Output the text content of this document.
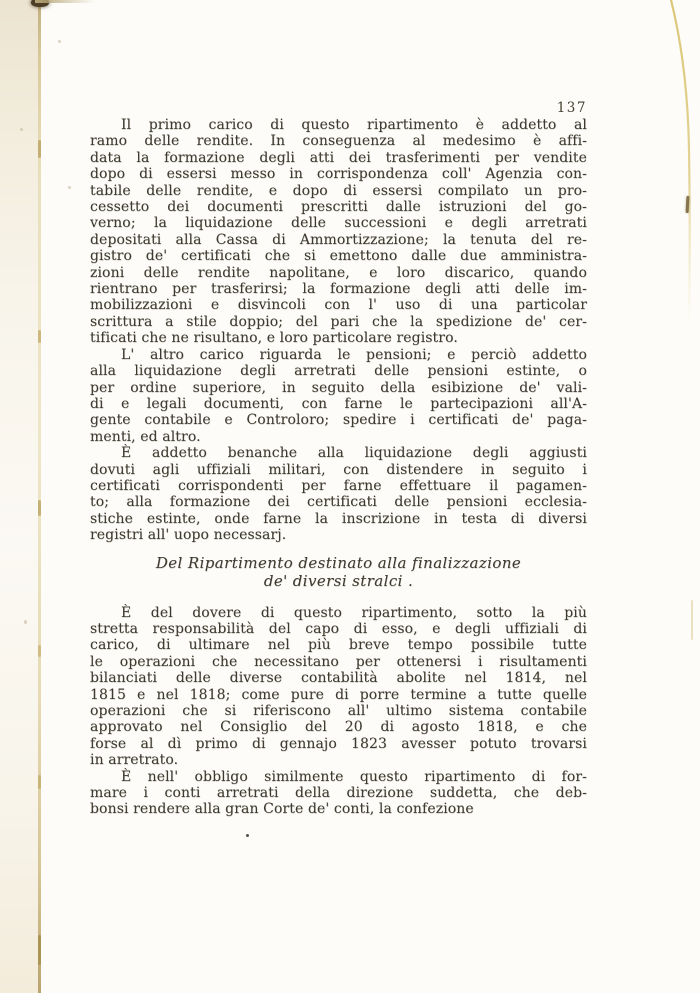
137
Il primo carico di questo ripartimento è addetto al
ramo delle rendite. In conseguenza al medesimo è affi-
data la formazione degli atti dei trasferimenti per vendite
dopo di essersi messo in corrispondenza coll' Agenzia con-
tabile delle rendite, e dopo di essersi compilato un pro-
cessetto dei documenti prescritti dalle istruzioni del go-
verno; la liquidazione delle successioni e degli arretrati
depositati alla Cassa di Ammortizzazione; la tenuta del re-
gistro de' certificati che si emettono dalle due amministra-
zioni delle rendite napolitane, e loro discarico, quando
rientrano per trasferirsi; la formazione degli atti delle im-
mobilizzazioni e disvincoli con l' uso di una particolar
scrittura a stile doppio; del pari che la spedizione de' cer-
tificati che ne risultano, e loro particolare registro.
L' altro carico riguarda le pensioni; e perciò addetto
alla liquidazione degli arretrati delle pensioni estinte, o
per ordine superiore, in seguito della esibizione de' vali-
di e legali documenti, con farne le partecipazioni all'A-
gente contabile e Controloro; spedire i certificati de' paga-
menti, ed altro.
È addetto benanche alla liquidazione degli aggiusti
dovuti agli uffiziali militari, con distendere in seguito i
certificati corrispondenti per farne effettuare il pagamen-
to; alla formazione dei certificati delle pensioni ecclesia-
stiche estinte, onde farne la inscrizione in testa di diversi
registri all' uopo necessarj.
Del Ripartimento destinato alla finalizzazione
de' diversi stralci .
È del dovere di questo ripartimento, sotto la più
stretta responsabilità del capo di esso, e degli uffiziali di
carico, di ultimare nel più breve tempo possibile tutte
le operazioni che necessitano per ottenersi i risultamenti
bilanciati delle diverse contabilità abolite nel 1814, nel
1815 e nel 1818; come pure di porre termine a tutte quelle
operazioni che si riferiscono all' ultimo sistema contabile
approvato nel Consiglio del 20 di agosto 1818, e che
forse al dì primo di gennajo 1823 avesser potuto trovarsi
in arretrato.
È nell' obbligo similmente questo ripartimento di for-
mare i conti arretrati della direzione suddetta, che deb-
bonsi rendere alla gran Corte de' conti, la confezione
